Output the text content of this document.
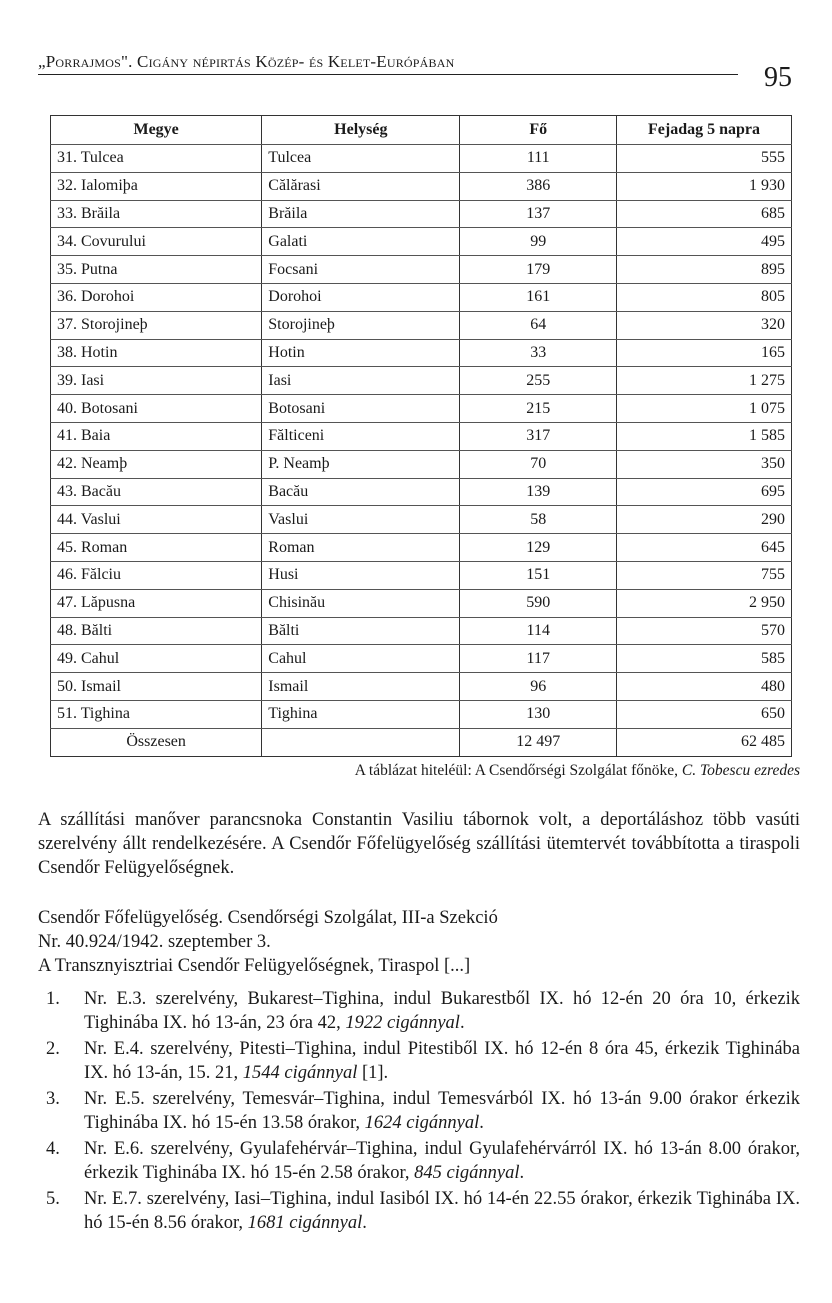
„Porrajmos". Cigány népirtás Közép- és Kelet-Európában
95
Megye	Helység	Fő	Fejadag 5 napra
31. Tulcea	Tulcea	111	555
32. Ialomiþa	Călărasi	386	1 930
33. Brăila	Brăila	137	685
34. Covurului	Galati	99	495
35. Putna	Focsani	179	895
36. Dorohoi	Dorohoi	161	805
37. Storojineþ	Storojineþ	64	320
38. Hotin	Hotin	33	165
39. Iasi	Iasi	255	1 275
40. Botosani	Botosani	215	1 075
41. Baia	Fălticeni	317	1 585
42. Neamþ	P. Neamþ	70	350
43. Bacău	Bacău	139	695
44. Vaslui	Vaslui	58	290
45. Roman	Roman	129	645
46. Fălciu	Husi	151	755
47. Lăpusna	Chisinău	590	2 950
48. Bălti	Bălti	114	570
49. Cahul	Cahul	117	585
50. Ismail	Ismail	96	480
51. Tighina	Tighina	130	650
Összesen		12 497	62 485
A táblázat hiteléül: A Csendőrségi Szolgálat főnöke, C. Tobescu ezredes
A szállítási manőver parancsnoka Constantin Vasiliu tábornok volt, a deportáláshoz több vasúti szerelvény állt rendelkezésére. A Csendőr Főfelügyelőség szállítási ütemtervét továbbította a tiraspoli Csendőr Felügyelőségnek.
Csendőr Főfelügyelőség. Csendőrségi Szolgálat, III-a Szekció
Nr. 40.924/1942. szeptember 3.
A Transznyisztriai Csendőr Felügyelőségnek, Tiraspol [...]
1. Nr. E.3. szerelvény, Bukarest–Tighina, indul Bukarestből IX. hó 12-én 20 óra 10, érkezik Tighinába IX. hó 13-án, 23 óra 42, 1922 cigánnyal.
2. Nr. E.4. szerelvény, Pitesti–Tighina, indul Pitestiből IX. hó 12-én 8 óra 45, érkezik Tighinába IX. hó 13-án, 15. 21, 1544 cigánnyal [1].
3. Nr. E.5. szerelvény, Temesvár–Tighina, indul Temesvárból IX. hó 13-án 9.00 órakor érkezik Tighinába IX. hó 15-én 13.58 órakor, 1624 cigánnyal.
4. Nr. E.6. szerelvény, Gyulafehérvár–Tighina, indul Gyulafehérvárról IX. hó 13-án 8.00 órakor, érkezik Tighinába IX. hó 15-én 2.58 órakor, 845 cigánnyal.
5. Nr. E.7. szerelvény, Iasi–Tighina, indul Iasiból IX. hó 14-én 22.55 órakor, érkezik Tighinába IX. hó 15-én 8.56 órakor, 1681 cigánnyal.
